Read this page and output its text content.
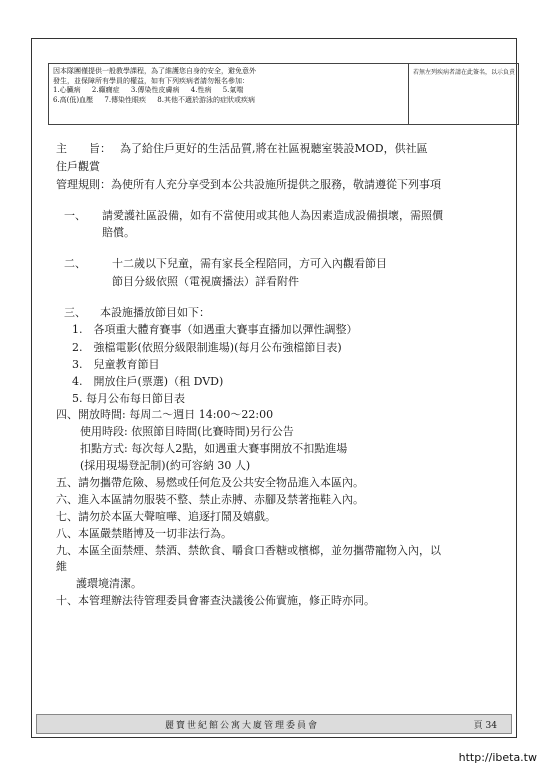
因本隊團僅提供一般教學課程，為了維護您自身的安全，避免意外
發生，並保障所有學員的權益，如有下列疾病者請勿報名參加：
1.心臟病 2.癲癇症 3.傳染性皮膚病 4.性病 5.氣喘
6.高(低)血壓 7.傳染性眼疾 8.其他不適於游泳的症狀或疾病
若無左列疾病者請在此簽名，以示負責
主　　旨： 為了給住戶更好的生活品質,將在社區視聽室裝設MOD，供社區
住戶觀賞
管理規則：為使所有人充分享受到本公共設施所提供之服務，敬請遵從下列事項
一、 請愛護社區設備，如有不當使用或其他人為因素造成設備損壞，需照價
賠償。
二、 十二歲以下兒童，需有家長全程陪同，方可入內觀看節目
節目分級依照（電視廣播法）詳看附件
三、 本設施播放節目如下：
1.　各項重大體育賽事（如遇重大賽事直播加以彈性調整）
2.　強檔電影(依照分級限制進場)(每月公布強檔節目表)
3.　兒童教育節目
4.　開放住戶(票選)（租 DVD)
5. 每月公布每日節目表
四、開放時間: 每周二～週日 14:00～22:00
使用時段: 依照節目時間(比賽時間)另行公告
扣點方式: 每次每人2點，如遇重大賽事開放不扣點進場
(採用現場登記制)(約可容納 30 人)
五、請勿攜帶危險、易燃或任何危及公共安全物品進入本區內。
六、進入本區請勿服裝不整、禁止赤膊、赤腳及禁著拖鞋入內。
七、請勿於本區大聲喧嘩、追逐打鬧及嬉戲。
八、本區嚴禁賭博及一切非法行為。
九、本區全面禁煙、禁酒、禁飲食、嚼食口香糖或檳榔，並勿攜帶寵物入內，以
維
護環境清潔。
十、本管理辦法待管理委員會審查決議後公佈實施，修正時亦同。
麗寶世紀館公寓大廈管理委員會	頁 34
http://ibeta.tw
